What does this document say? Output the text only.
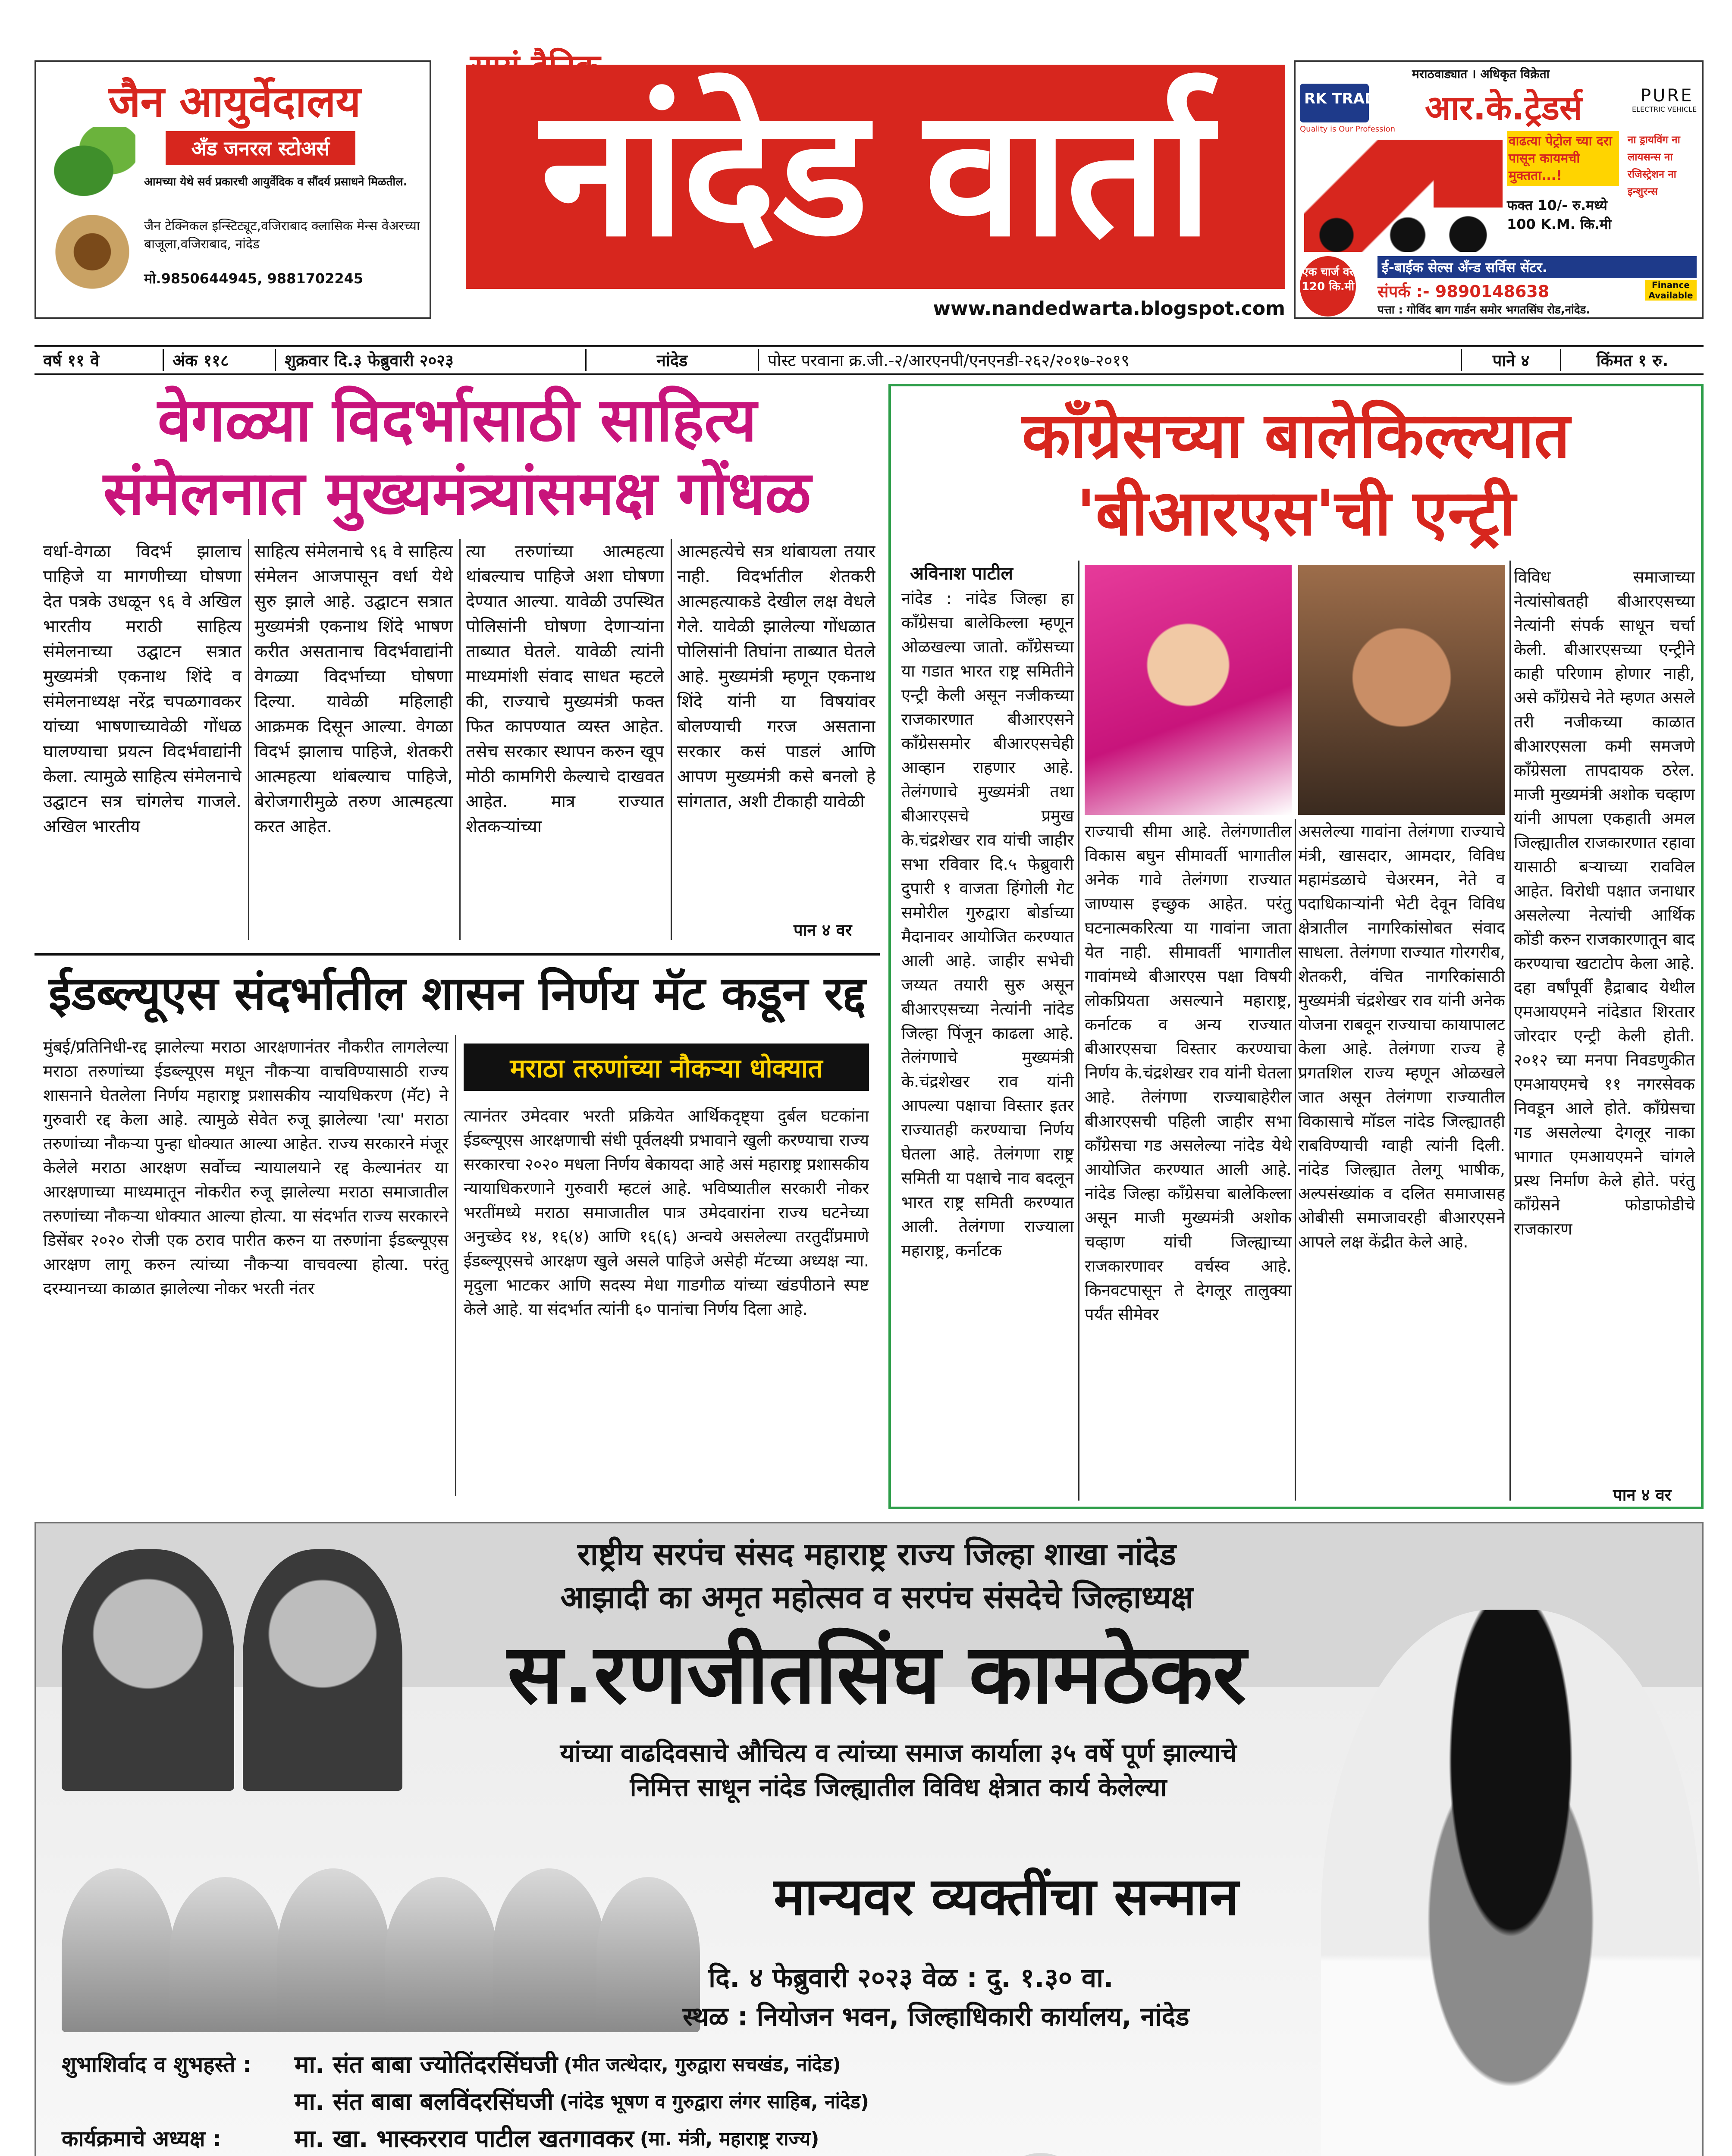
जैन आयुर्वेदालय
अँड जनरल स्टोअर्स
आमच्या येथे सर्व प्रकारची आयुर्वेदिक व सौंदर्य प्रसाधने मिळतील.
जैन टेक्निकल इन्स्टिट्यूट,वजिराबाद क्लासिक मेन्स वेअरच्या बाजूला,वजिराबाद, नांदेड
मो.9850644945, 9881702245
नांदेड वार्ता
www.nandedwarta.blogspot.com
मराठवाड्यात । अधिकृत विक्रेता
RK TRADERS
Quality is Our Profession
आर.के.ट्रेडर्स	PURE
ELECTRIC VEHICLE
वाढत्या पेट्रोल च्या दरा पासून कायमची मुक्तता...!
फक्त 10/- रु.मध्ये 100 K.M. कि.मी
ना ड्रायविंग ना लायसन्स ना रजिस्ट्रेशन ना इन्शुरन्स
एक चार्ज वर 120 कि.मी
ई-बाईक सेल्स अँन्ड सर्विस सेंटर.
संपर्क :- 9890148638	Finance Available
पत्ता : गोविंद बाग गार्डन समोर भगतसिंघ रोड,नांदेड.
वर्ष ११ वे	अंक ११८	शुक्रवार दि.३ फेब्रुवारी २०२३	नांदेड	पोस्ट परवाना क्र.जी.-२/आरएनपी/एनएनडी-२६२/२०१७-२०१९	पाने ४	किंमत १ रु.
वेगळ्या विदर्भासाठी साहित्य
संमेलनात मुख्यमंत्र्यांसमक्ष गोंधळ
वर्धा-वेगळा विदर्भ झालाच पाहिजे या मागणीच्या घोषणा देत पत्रके उधळून ९६ वे अखिल भारतीय मराठी साहित्य संमेलनाच्या उद्घाटन सत्रात मुख्यमंत्री एकनाथ शिंदे व संमेलनाध्यक्ष नरेंद्र चपळगावकर यांच्या भाषणाच्यावेळी गोंधळ घालण्याचा प्रयत्न विदर्भवाद्यांनी केला. त्यामुळे साहित्य संमेलनाचे उद्घाटन सत्र चांगलेच गाजले. अखिल भारतीय
साहित्य संमेलनाचे ९६ वे साहित्य संमेलन आजपासून वर्धा येथे सुरु झाले आहे. उद्घाटन सत्रात मुख्यमंत्री एकनाथ शिंदे भाषण करीत असतानाच विदर्भवाद्यांनी वेगळ्या विदर्भाच्या घोषणा दिल्या. यावेळी महिलाही आक्रमक दिसून आल्या. वेगळा विदर्भ झालाच पाहिजे, शेतकरी आत्महत्या थांबल्याच पाहिजे, बेरोजगारीमुळे तरुण आत्महत्या करत आहेत.
त्या तरुणांच्या आत्महत्या थांबल्याच पाहिजे अशा घोषणा देण्यात आल्या. यावेळी उपस्थित पोलिसांनी घोषणा देणाऱ्यांना ताब्यात घेतले. यावेळी त्यांनी माध्यमांशी संवाद साधत म्हटले की, राज्याचे मुख्यमंत्री फक्त फित कापण्यात व्यस्त आहेत. तसेच सरकार स्थापन करुन खूप मोठी कामगिरी केल्याचे दाखवत आहेत. मात्र राज्यात शेतकऱ्यांच्या
आत्महत्येचे सत्र थांबायला तयार नाही. विदर्भातील शेतकरी आत्महत्याकडे देखील लक्ष वेधले गेले. यावेळी झालेल्या गोंधळात पोलिसांनी तिघांना ताब्यात घेतले आहे. मुख्यमंत्री म्हणून एकनाथ शिंदे यांनी या विषयांवर बोलण्याची गरज असताना सरकार कसं पाडलं आणि आपण मुख्यमंत्री कसे बनलो हे सांगतात, अशी टीकाही यावेळी
पान ४ वर
ईडब्ल्यूएस संदर्भातील शासन निर्णय मॅट कडून रद्द
मुंबई/प्रतिनिधी-रद्द झालेल्या मराठा आरक्षणानंतर नौकरीत लागलेल्या मराठा तरुणांच्या ईडब्ल्यूएस मधून नौकऱ्या वाचविण्यासाठी राज्य शासनाने घेतलेला निर्णय महाराष्ट्र प्रशासकीय न्यायधिकरण (मॅट) ने गुरुवारी रद्द केला आहे. त्यामुळे सेवेत रुजू झालेल्या 'त्या' मराठा तरुणांच्या नौकऱ्या पुन्हा धोक्यात आल्या आहेत. राज्य सरकारने मंजूर केलेले मराठा आरक्षण सर्वोच्च न्यायालयाने रद्द केल्यानंतर या आरक्षणाच्या माध्यमातून नोकरीत रुजू झालेल्या मराठा समाजातील तरुणांच्या नौकऱ्या धोक्यात आल्या होत्या. या संदर्भात राज्य सरकारने डिसेंबर २०२० रोजी एक ठराव पारीत करुन या तरुणांना ईडब्ल्यूएस आरक्षण लागू करुन त्यांच्या नौकऱ्या वाचवल्या होत्या. परंतु दरम्यानच्या काळात झालेल्या नोकर भरती नंतर
मराठा तरुणांच्या नौकऱ्या धोक्यात
त्यानंतर उमेदवार भरती प्रक्रियेत आर्थिकदृष्ट्या दुर्बल घटकांना ईडब्ल्यूएस आरक्षणाची संधी पूर्वलक्ष्यी प्रभावाने खुली करण्याचा राज्य सरकारचा २०२० मधला निर्णय बेकायदा आहे असं महाराष्ट्र प्रशासकीय न्यायाधिकरणाने गुरुवारी म्हटलं आहे. भविष्यातील सरकारी नोकर भरतींमध्ये मराठा समाजातील पात्र उमेदवारांना राज्य घटनेच्या अनुच्छेद १४, १६(४) आणि १६(६) अन्वये असलेल्या तरतुदींप्रमाणे ईडब्ल्यूएसचे आरक्षण खुले असले पाहिजे असेही मॅटच्या अध्यक्ष न्या. मृदुला भाटकर आणि सदस्य मेधा गाडगीळ यांच्या खंडपीठाने स्पष्ट केले आहे. या संदर्भात त्यांनी ६० पानांचा निर्णय दिला आहे.
काँग्रेसच्या बालेकिल्ल्यात
'बीआरएस'ची एन्ट्री
अविनाश पाटील
नांदेड : नांदेड जिल्हा हा काँग्रेसचा बालेकिल्ला म्हणून ओळखल्या जातो. काँग्रेसच्या या गडात भारत राष्ट्र समितीने एन्ट्री केली असून नजीकच्या राजकारणात बीआरएसने काँग्रेससमोर बीआरएसचेही आव्हान राहणार आहे. तेलंगणाचे मुख्यमंत्री तथा बीआरएसचे प्रमुख के.चंद्रशेखर राव यांची जाहीर सभा रविवार दि.५ फेब्रुवारी दुपारी १ वाजता हिंगोली गेट समोरील गुरुद्वारा बोर्डाच्या मैदानावर आयोजित करण्यात आली आहे. जाहीर सभेची जय्यत तयारी सुरु असून बीआरएसच्या नेत्यांनी नांदेड जिल्हा पिंजून काढला आहे. तेलंगणाचे मुख्यमंत्री के.चंद्रशेखर राव यांनी आपल्या पक्षाचा विस्तार इतर राज्यातही करण्याचा निर्णय घेतला आहे. तेलंगणा राष्ट्र समिती या पक्षाचे नाव बदलून भारत राष्ट्र समिती करण्यात आली. तेलंगणा राज्याला महाराष्ट्र, कर्नाटक
राज्याची सीमा आहे. तेलंगणातील विकास बघुन सीमावर्ती भागातील अनेक गावे तेलंगणा राज्यात जाण्यास इच्छुक आहेत. परंतु घटनात्मकरित्या या गावांना जाता येत नाही. सीमावर्ती भागातील गावांमध्ये बीआरएस पक्षा विषयी लोकप्रियता असल्याने महाराष्ट्र, कर्नाटक व अन्य राज्यात बीआरएसचा विस्तार करण्याचा निर्णय के.चंद्रशेखर राव यांनी घेतला आहे. तेलंगणा राज्याबाहेरील बीआरएसची पहिली जाहीर सभा काँग्रेसचा गड असलेल्या नांदेड येथे आयोजित करण्यात आली आहे. नांदेड जिल्हा काँग्रेसचा बालेकिल्ला असून माजी मुख्यमंत्री अशोक चव्हाण यांची जिल्ह्याच्या राजकारणावर वर्चस्व आहे. किनवटपासून ते देगलूर तालुक्या पर्यंत सीमेवर
असलेल्या गावांना तेलंगणा राज्याचे मंत्री, खासदार, आमदार, विविध महामंडळाचे चेअरमन, नेते व पदाधिकाऱ्यांनी भेटी देवून विविध क्षेत्रातील नागरिकांसोबत संवाद साधला. तेलंगणा राज्यात गोरगरीब, शेतकरी, वंचित नागरिकांसाठी मुख्यमंत्री चंद्रशेखर राव यांनी अनेक योजना राबवून राज्याचा कायापालट केला आहे. तेलंगणा राज्य हे प्रगतशिल राज्य म्हणून ओळखले जात असून तेलंगणा राज्यातील विकासाचे मॉडल नांदेड जिल्ह्यातही राबविण्याची ग्वाही त्यांनी दिली. नांदेड जिल्ह्यात तेलगू भाषीक, अल्पसंख्यांक व दलित समाजासह ओबीसी समाजावरही बीआरएसने आपले लक्ष केंद्रीत केले आहे.
विविध समाजाच्या नेत्यांसोबतही बीआरएसच्या नेत्यांनी संपर्क साधून चर्चा केली. बीआरएसच्या एन्ट्रीने काही परिणाम होणार नाही, असे काँग्रेसचे नेते म्हणत असले तरी नजीकच्या काळात बीआरएसला कमी समजणे काँग्रेसला तापदायक ठरेल. माजी मुख्यमंत्री अशोक चव्हाण यांनी आपला एकहाती अमल जिल्ह्यातील राजकारणात रहावा यासाठी बऱ्याच्या रावविल आहेत. विरोधी पक्षात जनाधार असलेल्या नेत्यांची आर्थिक कोंडी करुन राजकारणातून बाद करण्याचा खटाटोप केला आहे. दहा वर्षांपूर्वी हैद्राबाद येथील एमआयएमने नांदेडात शिरतार जोरदार एन्ट्री केली होती. २०१२ च्या मनपा निवडणुकीत एमआयएमचे ११ नगरसेवक निवडून आले होते. काँग्रेसचा गड असलेल्या देगलूर नाका भागात एमआयएमने चांगले प्रस्थ निर्माण केले होते. परंतु काँग्रेसने फोडाफोडीचे राजकारण
पान ४ वर
राष्ट्रीय सरपंच संसद महाराष्ट्र राज्य जिल्हा शाखा नांदेड
आझादी का अमृत महोत्सव व सरपंच संसदेचे जिल्हाध्यक्ष
स.रणजीतसिंघ कामठेकर
यांच्या वाढदिवसाचे औचित्य व त्यांच्या समाज कार्याला ३५ वर्षे पूर्ण झाल्याचे
निमित्त साधून नांदेड जिल्ह्यातील विविध क्षेत्रात कार्य केलेल्या
मान्यवर व्यक्तींचा सन्मान
दि. ४ फेब्रुवारी २०२३ वेळ : दु. १.३० वा.
स्थळ : नियोजन भवन, जिल्हाधिकारी कार्यालय, नांदेड
शुभाशिर्वाद व शुभहस्ते :	मा. संत बाबा ज्योतिंदरसिंघजी (मीत जत्थेदार, गुरुद्वारा सचखंड, नांदेड)
मा. संत बाबा बलविंदरसिंघजी (नांदेड भूषण व गुरुद्वारा लंगर साहिब, नांदेड)
कार्यक्रमाचे अध्यक्ष :	मा. खा. भास्करराव पाटील खतगावकर (मा. मंत्री, महाराष्ट्र राज्य)
